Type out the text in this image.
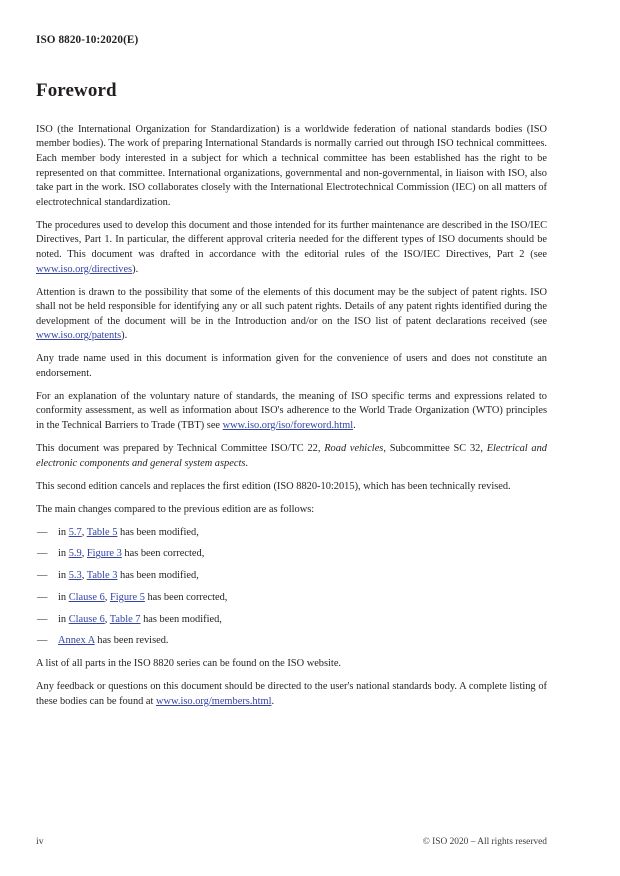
ISO 8820-10:2020(E)
Foreword

ISO (the International Organization for Standardization) is a worldwide federation of national standards bodies (ISO member bodies). The work of preparing International Standards is normally carried out through ISO technical committees. Each member body interested in a subject for which a technical committee has been established has the right to be represented on that committee. International organizations, governmental and non-governmental, in liaison with ISO, also take part in the work. ISO collaborates closely with the International Electrotechnical Commission (IEC) on all matters of electrotechnical standardization.

The procedures used to develop this document and those intended for its further maintenance are described in the ISO/IEC Directives, Part 1. In particular, the different approval criteria needed for the different types of ISO documents should be noted. This document was drafted in accordance with the editorial rules of the ISO/IEC Directives, Part 2 (see www.iso.org/directives).

Attention is drawn to the possibility that some of the elements of this document may be the subject of patent rights. ISO shall not be held responsible for identifying any or all such patent rights. Details of any patent rights identified during the development of the document will be in the Introduction and/or on the ISO list of patent declarations received (see www.iso.org/patents).

Any trade name used in this document is information given for the convenience of users and does not constitute an endorsement.

For an explanation of the voluntary nature of standards, the meaning of ISO specific terms and expressions related to conformity assessment, as well as information about ISO's adherence to the World Trade Organization (WTO) principles in the Technical Barriers to Trade (TBT) see www.iso.org/iso/foreword.html.

This document was prepared by Technical Committee ISO/TC 22, Road vehicles, Subcommittee SC 32, Electrical and electronic components and general system aspects.

This second edition cancels and replaces the first edition (ISO 8820-10:2015), which has been technically revised.

The main changes compared to the previous edition are as follows:

—	in 5.7, Table 5 has been modified,
—	in 5.9, Figure 3 has been corrected,
—	in 5.3, Table 3 has been modified,
—	in Clause 6, Figure 5 has been corrected,
—	in Clause 6, Table 7 has been modified,
—	Annex A has been revised.

A list of all parts in the ISO 8820 series can be found on the ISO website.

Any feedback or questions on this document should be directed to the user's national standards body. A complete listing of these bodies can be found at www.iso.org/members.html.

iv	© ISO 2020 – All rights reserved
